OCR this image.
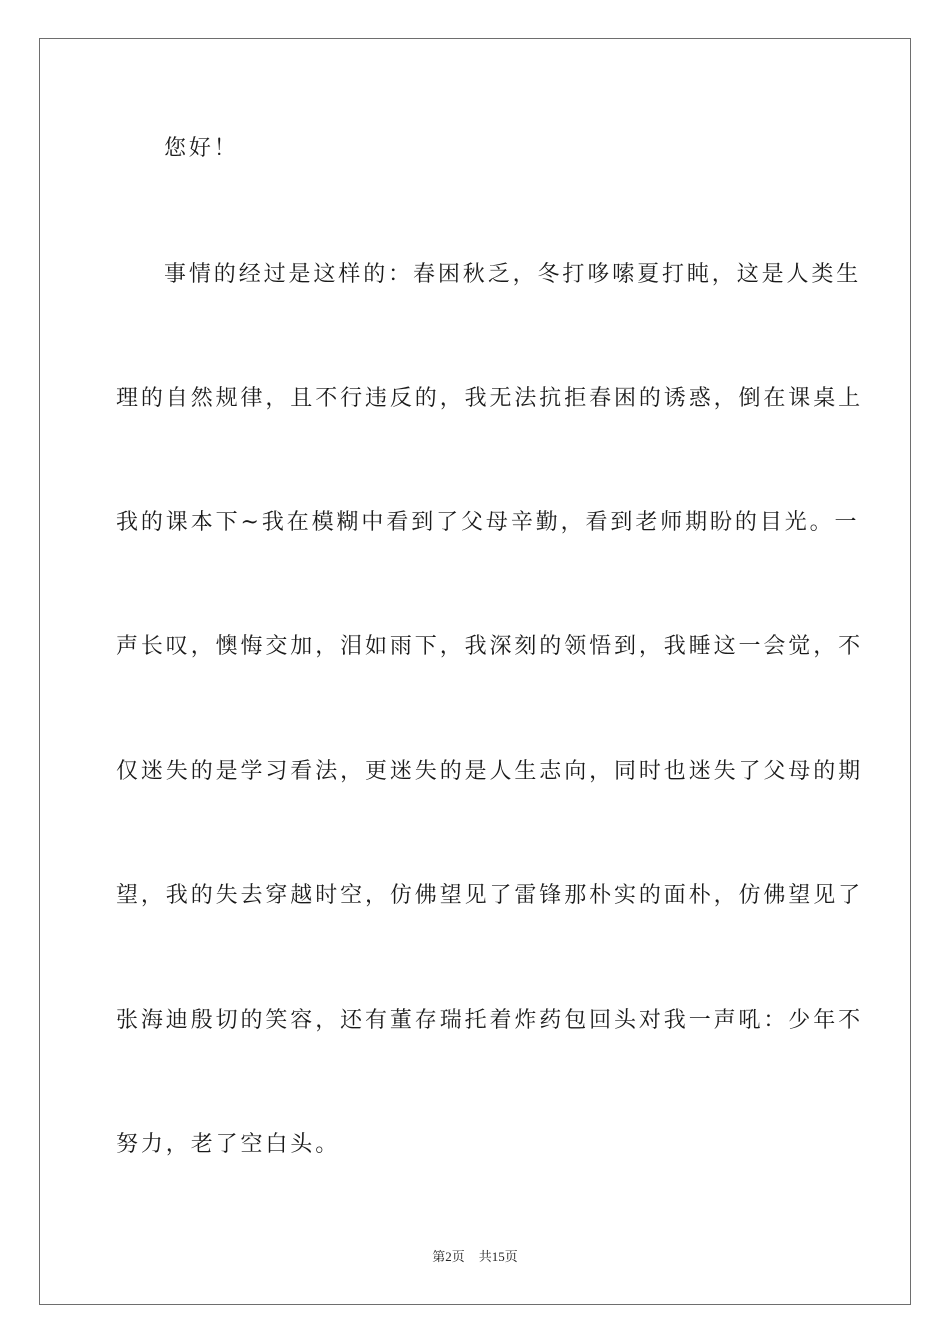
您好！
事情的经过是这样的：春困秋乏，冬打哆嗦夏打盹，这是人类生
理的自然规律，且不行违反的，我无法抗拒春困的诱惑，倒在课桌上
我的课本下~我在模糊中看到了父母辛勤，看到老师期盼的目光。一
声长叹，懊悔交加，泪如雨下，我深刻的领悟到，我睡这一会觉，不
仅迷失的是学习看法，更迷失的是人生志向，同时也迷失了父母的期
望，我的失去穿越时空，仿佛望见了雷锋那朴实的面朴，仿佛望见了
张海迪殷切的笑容，还有董存瑞托着炸药包回头对我一声吼：少年不
努力，老了空白头。
第2页 共15页
